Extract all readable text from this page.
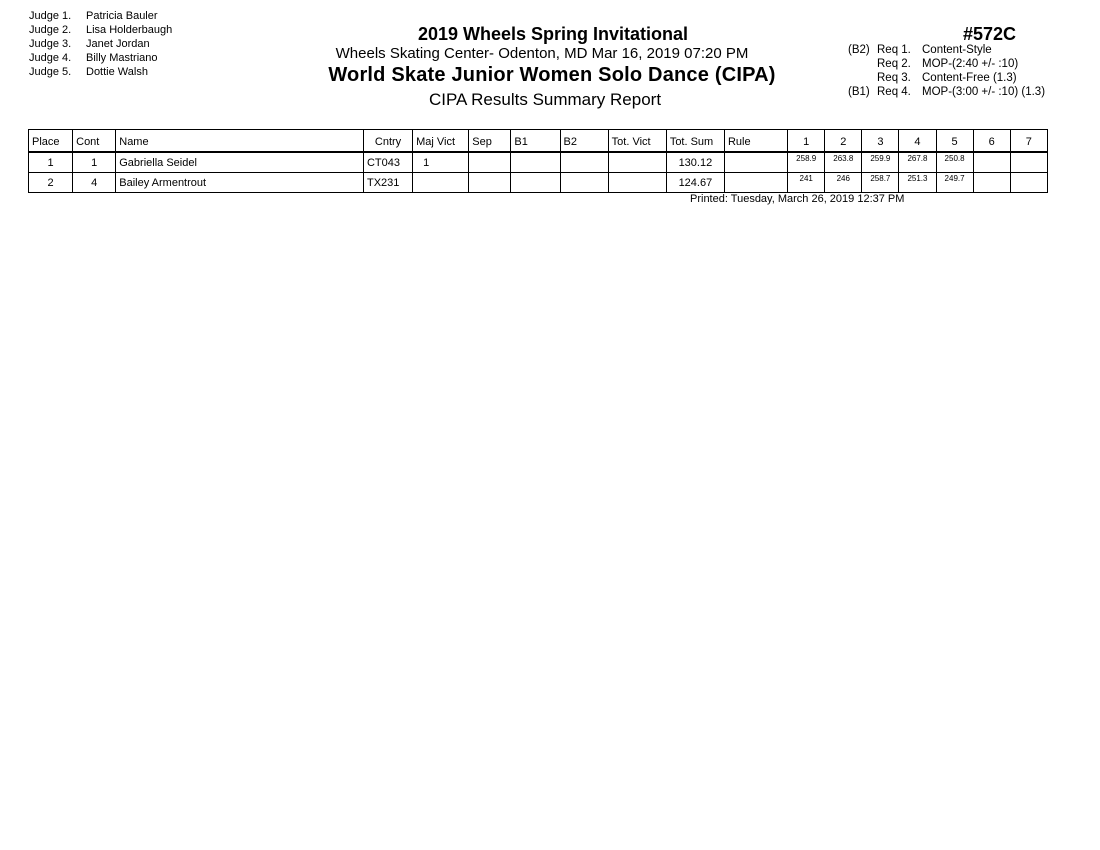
Judge 1. Patricia Bauler
Judge 2. Lisa Holderbaugh
Judge 3. Janet Jordan
Judge 4. Billy Mastriano
Judge 5. Dottie Walsh
2019 Wheels Spring Invitational
Wheels Skating Center- Odenton, MD Mar 16, 2019 07:20 PM
World Skate Junior Women Solo Dance (CIPA)
CIPA Results Summary Report
#572C
(B2) Req 1. Content-Style
Req 2. MOP-(2:40 +/- :10)
Req 3. Content-Free (1.3)
(B1) Req 4. MOP-(3:00 +/- :10) (1.3)
Place	Cont	Name	Cntry	Maj Vict	Sep	B1	B2	Tot. Vict	Tot. Sum	Rule	1	2	3	4	5	6	7
1	1	Gabriella Seidel	CT043	1					130.12		258.9	263.8	259.9	267.8	250.8		
2	4	Bailey Armentrout	TX231						124.67		241	246	258.7	251.3	249.7		
Printed: Tuesday, March 26, 2019 12:37 PM
